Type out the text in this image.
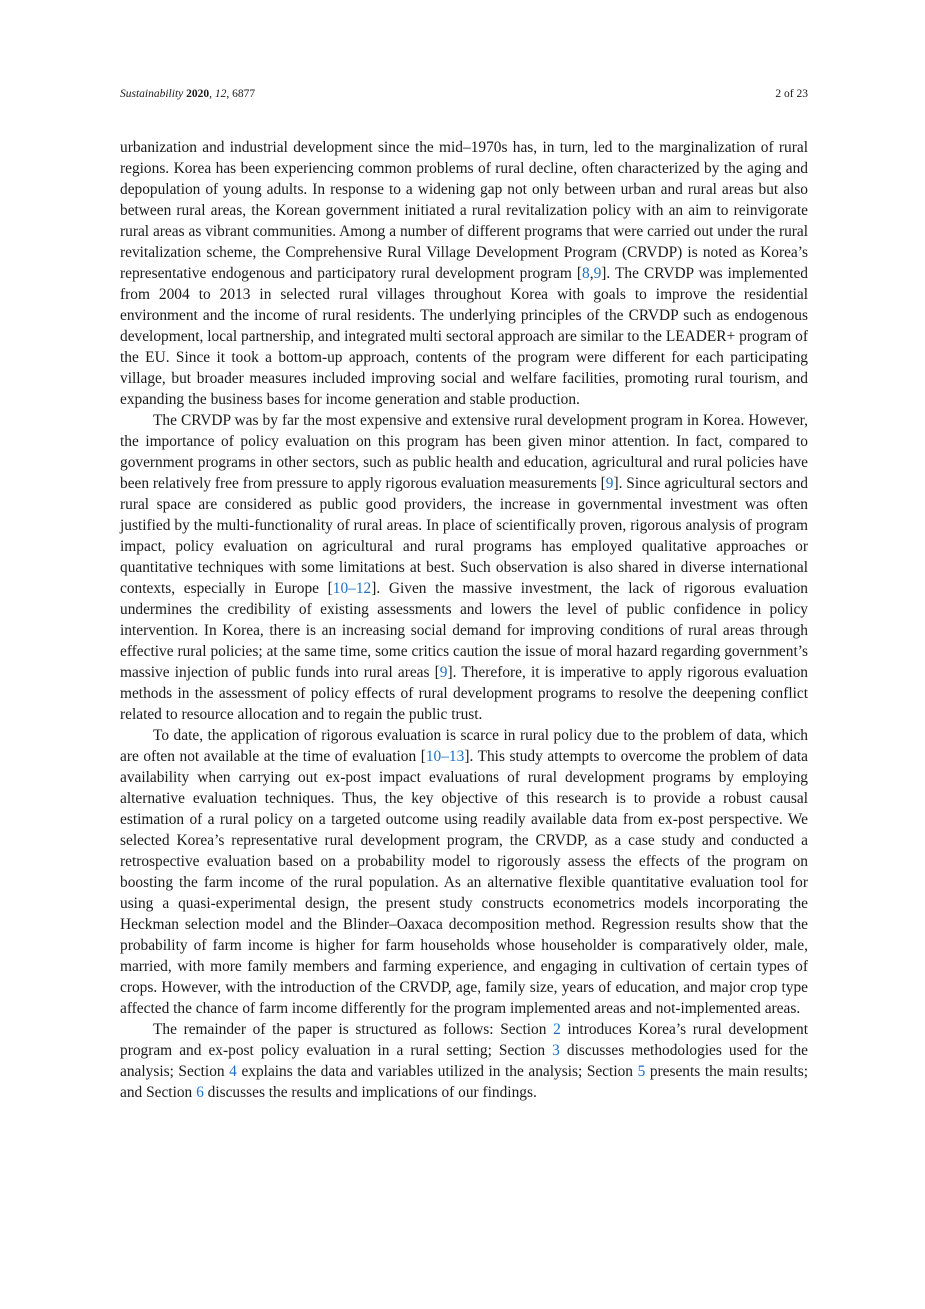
Sustainability 2020, 12, 6877	2 of 23

urbanization and industrial development since the mid–1970s has, in turn, led to the marginalization of rural regions. Korea has been experiencing common problems of rural decline, often characterized by the aging and depopulation of young adults. In response to a widening gap not only between urban and rural areas but also between rural areas, the Korean government initiated a rural revitalization policy with an aim to reinvigorate rural areas as vibrant communities. Among a number of different programs that were carried out under the rural revitalization scheme, the Comprehensive Rural Village Development Program (CRVDP) is noted as Korea’s representative endogenous and participatory rural development program [8,9]. The CRVDP was implemented from 2004 to 2013 in selected rural villages throughout Korea with goals to improve the residential environment and the income of rural residents. The underlying principles of the CRVDP such as endogenous development, local partnership, and integrated multi sectoral approach are similar to the LEADER+ program of the EU. Since it took a bottom-up approach, contents of the program were different for each participating village, but broader measures included improving social and welfare facilities, promoting rural tourism, and expanding the business bases for income generation and stable production.

The CRVDP was by far the most expensive and extensive rural development program in Korea. However, the importance of policy evaluation on this program has been given minor attention. In fact, compared to government programs in other sectors, such as public health and education, agricultural and rural policies have been relatively free from pressure to apply rigorous evaluation measurements [9]. Since agricultural sectors and rural space are considered as public good providers, the increase in governmental investment was often justified by the multi-functionality of rural areas. In place of scientifically proven, rigorous analysis of program impact, policy evaluation on agricultural and rural programs has employed qualitative approaches or quantitative techniques with some limitations at best. Such observation is also shared in diverse international contexts, especially in Europe [10–12]. Given the massive investment, the lack of rigorous evaluation undermines the credibility of existing assessments and lowers the level of public confidence in policy intervention. In Korea, there is an increasing social demand for improving conditions of rural areas through effective rural policies; at the same time, some critics caution the issue of moral hazard regarding government’s massive injection of public funds into rural areas [9]. Therefore, it is imperative to apply rigorous evaluation methods in the assessment of policy effects of rural development programs to resolve the deepening conflict related to resource allocation and to regain the public trust.

To date, the application of rigorous evaluation is scarce in rural policy due to the problem of data, which are often not available at the time of evaluation [10–13]. This study attempts to overcome the problem of data availability when carrying out ex-post impact evaluations of rural development programs by employing alternative evaluation techniques. Thus, the key objective of this research is to provide a robust causal estimation of a rural policy on a targeted outcome using readily available data from ex-post perspective. We selected Korea’s representative rural development program, the CRVDP, as a case study and conducted a retrospective evaluation based on a probability model to rigorously assess the effects of the program on boosting the farm income of the rural population. As an alternative flexible quantitative evaluation tool for using a quasi-experimental design, the present study constructs econometrics models incorporating the Heckman selection model and the Blinder–Oaxaca decomposition method. Regression results show that the probability of farm income is higher for farm households whose householder is comparatively older, male, married, with more family members and farming experience, and engaging in cultivation of certain types of crops. However, with the introduction of the CRVDP, age, family size, years of education, and major crop type affected the chance of farm income differently for the program implemented areas and not-implemented areas.

The remainder of the paper is structured as follows: Section 2 introduces Korea’s rural development program and ex-post policy evaluation in a rural setting; Section 3 discusses methodologies used for the analysis; Section 4 explains the data and variables utilized in the analysis; Section 5 presents the main results; and Section 6 discusses the results and implications of our findings.
